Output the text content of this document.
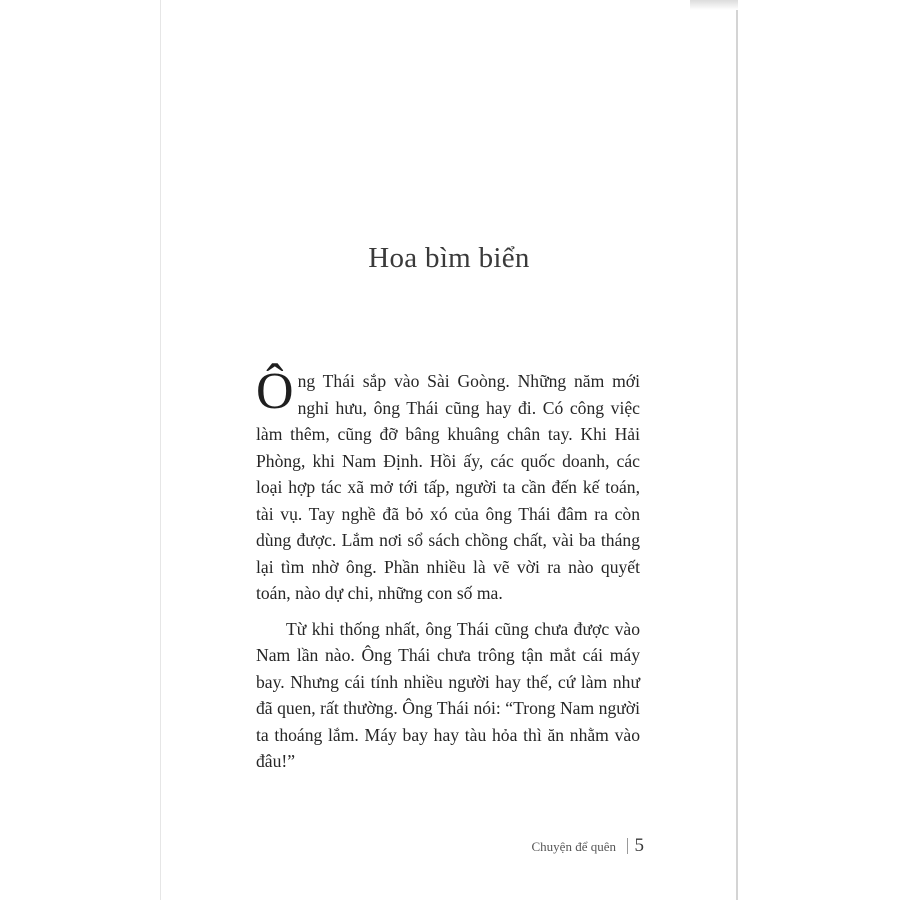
Hoa bìm biển

Ông Thái sắp vào Sài Goòng. Những năm mới nghỉ hưu, ông Thái cũng hay đi. Có công việc làm thêm, cũng đỡ bâng khuâng chân tay. Khi Hải Phòng, khi Nam Định. Hồi ấy, các quốc doanh, các loại hợp tác xã mở tới tấp, người ta cần đến kế toán, tài vụ. Tay nghề đã bỏ xó của ông Thái đâm ra còn dùng được. Lắm nơi sổ sách chồng chất, vài ba tháng lại tìm nhờ ông. Phần nhiều là vẽ vời ra nào quyết toán, nào dự chi, những con số ma.

Từ khi thống nhất, ông Thái cũng chưa được vào Nam lần nào. Ông Thái chưa trông tận mắt cái máy bay. Nhưng cái tính nhiều người hay thế, cứ làm như đã quen, rất thường. Ông Thái nói: “Trong Nam người ta thoáng lắm. Máy bay hay tàu hỏa thì ăn nhằm vào đâu!”

Chuyện để quên 5
